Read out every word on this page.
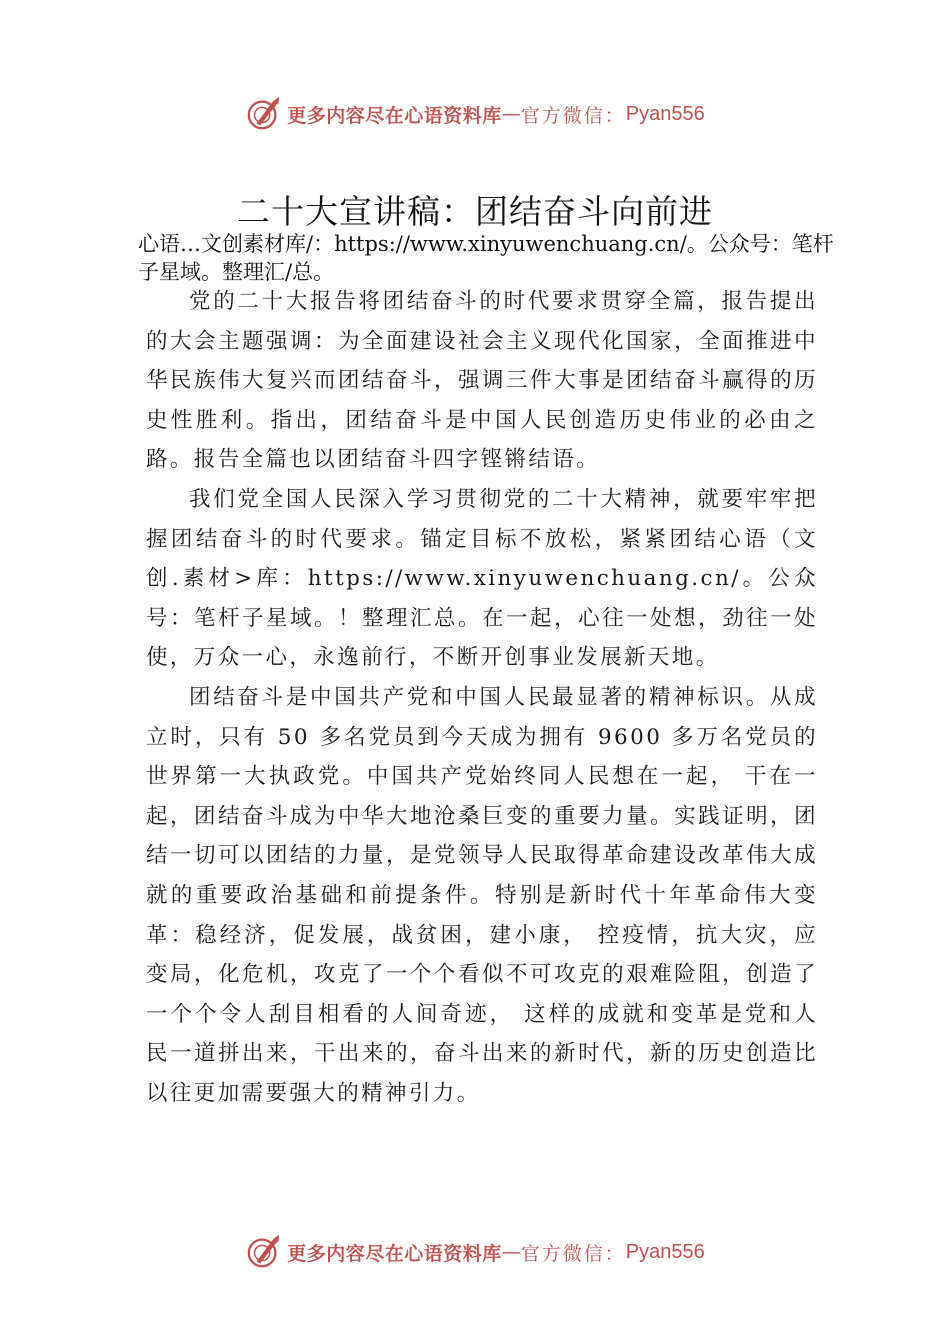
更多内容尽在心语资料库 — 官方微信： Pyan556
二十大宣讲稿：团结奋斗向前进
心语…文创素材库/：https://www.xinyuwenchuang.cn/。公众号：笔杆子星域。整理汇/总。

党的二十大报告将团结奋斗的时代要求贯穿全篇，报告提出的大会主题强调：为全面建设社会主义现代化国家，全面推进中华民族伟大复兴而团结奋斗，强调三件大事是团结奋斗赢得的历史性胜利。指出，团结奋斗是中国人民创造历史伟业的必由之路。报告全篇也以团结奋斗四字铿锵结语。

我们党全国人民深入学习贯彻党的二十大精神，就要牢牢把握团结奋斗的时代要求。锚定目标不放松，紧紧团结心语（文创.素材>库：https://www.xinyuwenchuang.cn/。公众号：笔杆子星域。！整理汇总。在一起，心往一处想，劲往一处使，万众一心，永逸前行，不断开创事业发展新天地。

团结奋斗是中国共产党和中国人民最显著的精神标识。从成立时，只有 50 多名党员到今天成为拥有 9600 多万名党员的世界第一大执政党。中国共产党始终同人民想在一起， 干在一起，团结奋斗成为中华大地沧桑巨变的重要力量。实践证明，团结一切可以团结的力量，是党领导人民取得革命建设改革伟大成就的重要政治基础和前提条件。特别是新时代十年革命伟大变革：稳经济，促发展，战贫困，建小康， 控疫情，抗大灾，应变局，化危机，攻克了一个个看似不可攻克的艰难险阻，创造了一个个令人刮目相看的人间奇迹， 这样的成就和变革是党和人民一道拼出来，干出来的，奋斗出来的新时代，新的历史创造比以往更加需要强大的精神引力。

更多内容尽在心语资料库 — 官方微信： Pyan556
